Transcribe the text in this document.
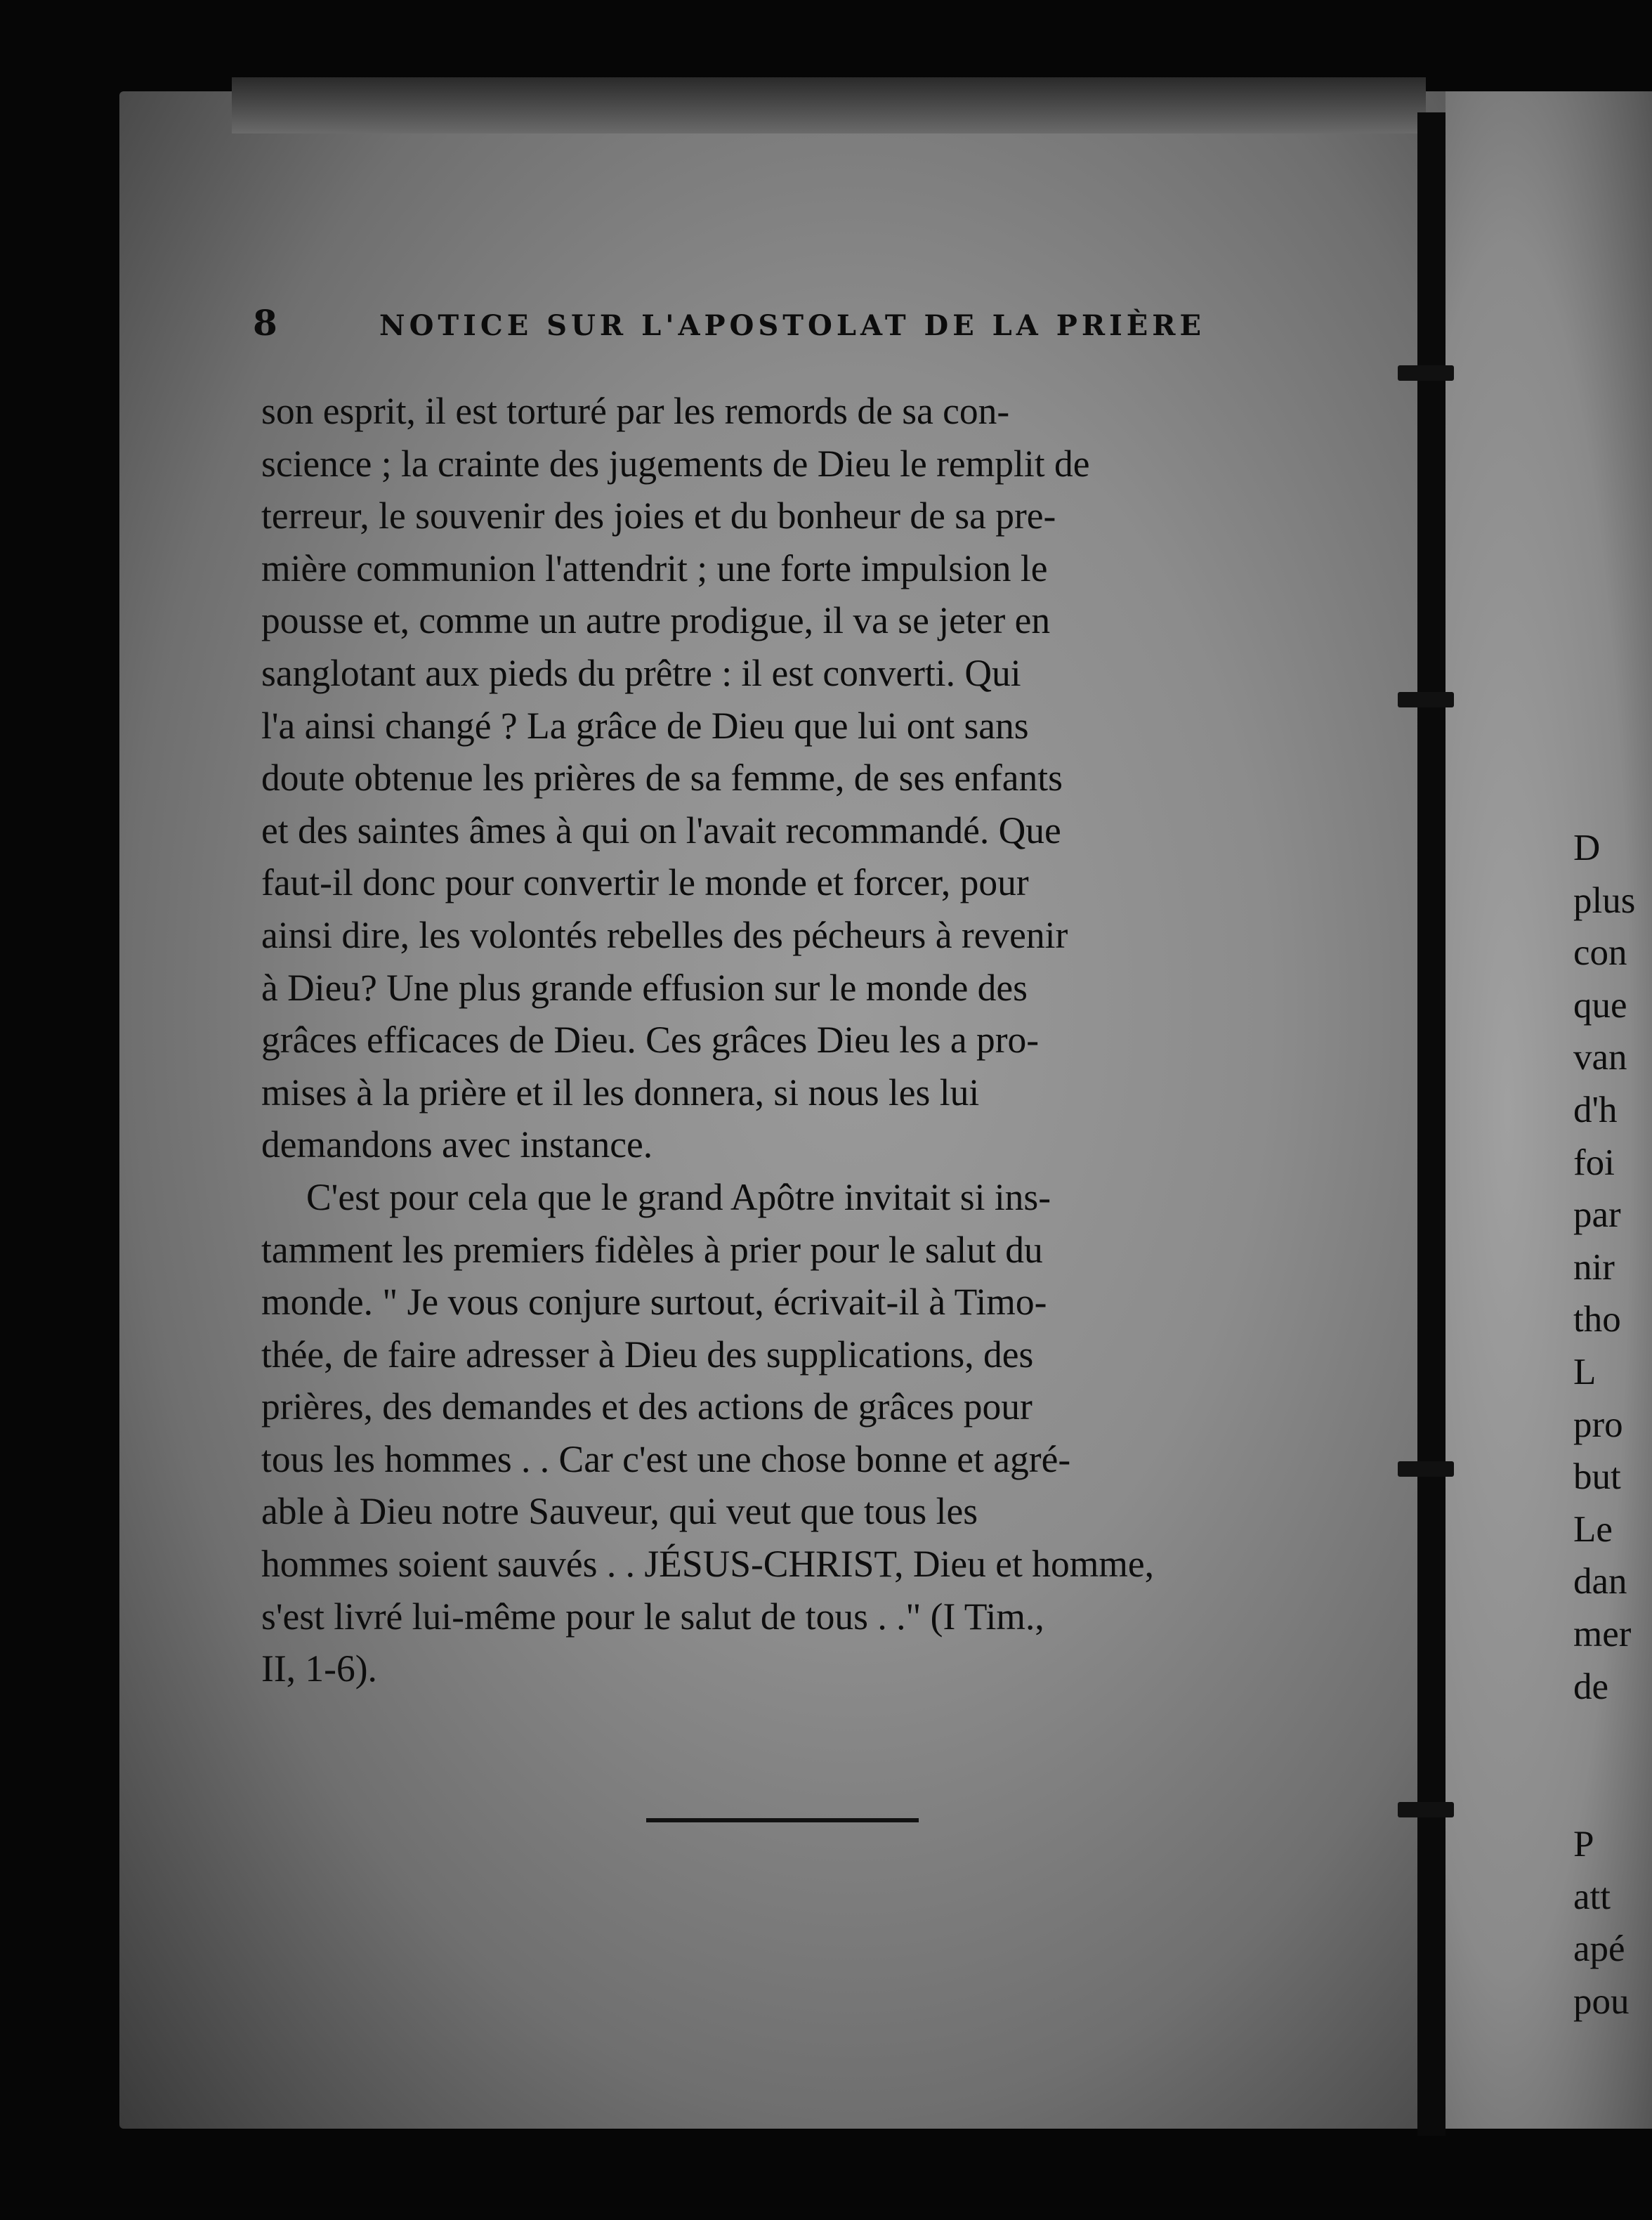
8	NOTICE SUR L'APOSTOLAT DE LA PRIÈRE
son esprit, il est torturé par les remords de sa con-
science ; la crainte des jugements de Dieu le remplit de
terreur, le souvenir des joies et du bonheur de sa pre-
mière communion l'attendrit ; une forte impulsion le
pousse et, comme un autre prodigue, il va se jeter en
sanglotant aux pieds du prêtre : il est converti. Qui
l'a ainsi changé ? La grâce de Dieu que lui ont sans
doute obtenue les prières de sa femme, de ses enfants
et des saintes âmes à qui on l'avait recommandé. Que
faut-il donc pour convertir le monde et forcer, pour
ainsi dire, les volontés rebelles des pécheurs à revenir
à Dieu? Une plus grande effusion sur le monde des
grâces efficaces de Dieu. Ces grâces Dieu les a pro-
mises à la prière et il les donnera, si nous les lui
demandons avec instance.
C'est pour cela que le grand Apôtre invitait si ins-
tamment les premiers fidèles à prier pour le salut du
monde. " Je vous conjure surtout, écrivait-il à Timo-
thée, de faire adresser à Dieu des supplications, des
prières, des demandes et des actions de grâces pour
tous les hommes . . Car c'est une chose bonne et agré-
able à Dieu notre Sauveur, qui veut que tous les
hommes soient sauvés . . JÉSUS-CHRIST, Dieu et homme,
s'est livré lui-même pour le salut de tous . ." (I Tim.,
II, 1-6).
D
plus
con
que
van
d'h
foi
par
nir
tho
L
pro
but
Le
dan
mer
de
P
att
apé
pou
